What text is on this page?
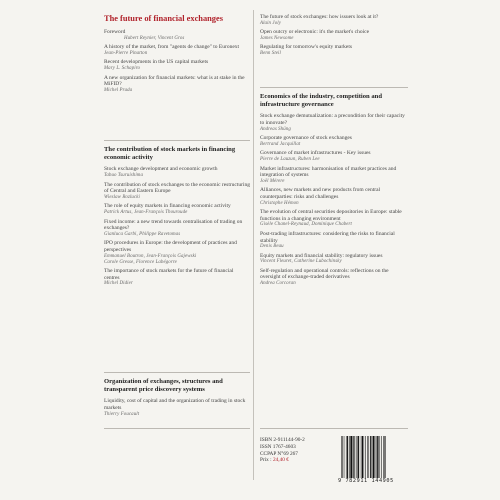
The future of financial exchanges

Foreword

Hubert Reynier, Vincent Gros

A history of the market, from "agents de change" to Euronext

Jean-Pierre Pinatton

Recent developments in the US capital markets

Mary L. Schapiro

A new organization for financial markets: what is at stake in the MiFID?

Michel Prada

The contribution of stock markets in financing economic activity

Stock exchange development and economic growth

Tabuo Tsuruishima

The contribution of stock exchanges to the economic restructuring of Central and Eastern Europe

Wieslaw Rozlucki

The role of equity markets in financing economic activity

Patrick Artus, Jean-François Thouroude

Fixed income: a new trend towards centralisation of trading on exchanges?

Gianluca Garbi, Philippe Ravetomas

IPO procedures in Europe: the development of practices and perspectives

Emmanuel Boutron, Jean-François Gajewski

Carole Gresse, Florence Labégorre

The importance of stock markets for the future of financial centres

Michel Didier

Organization of exchanges, structures and transparent price discovery systems

Liquidity, cost of capital and the organization of trading in stock markets

Thierry Foucault

The future of stock exchanges: how issuers look at it?

Alain Joly

Open outcry or electronic: it's the market's choice

James Newsome

Regulating for tomorrow's equity markets

Benn Steil

Economics of the industry, competition and infrastructure governance

Stock exchange demutualization: a precondition for their capacity to innovate?

Andreas Shüng

Corporate governance of stock exchanges

Bertrand Jacquillat

Governance of market infrastructures - Key issues

Pierre de Lauzun, Ruben Lee

Market infrastructures: harmonisation of market practices and integration of systems

Joël Mérere

Alliances, new markets and new products from central counterparties: risks and challenges

Christophe Hémon

The evolution of central securities depositories in Europe: stable functions in a changing environment

Gisèle Chanel-Reynaud, Dominique Chabert

Post-trading infrastructures: considering the risks to financial stability

Denis Beau

Equity markets and financial stability: regulatory issues

Vincent Fleuret, Catherine Lubochinsky

Self-regulation and operational controls: reflections on the oversight of exchange-traded derivatives

Andrea Corcoran

ISBN 2-911144-90-2

ISSN 1767-4603

CCPAP N°69 267

Prix : 24,40 €

9 782911 144905
